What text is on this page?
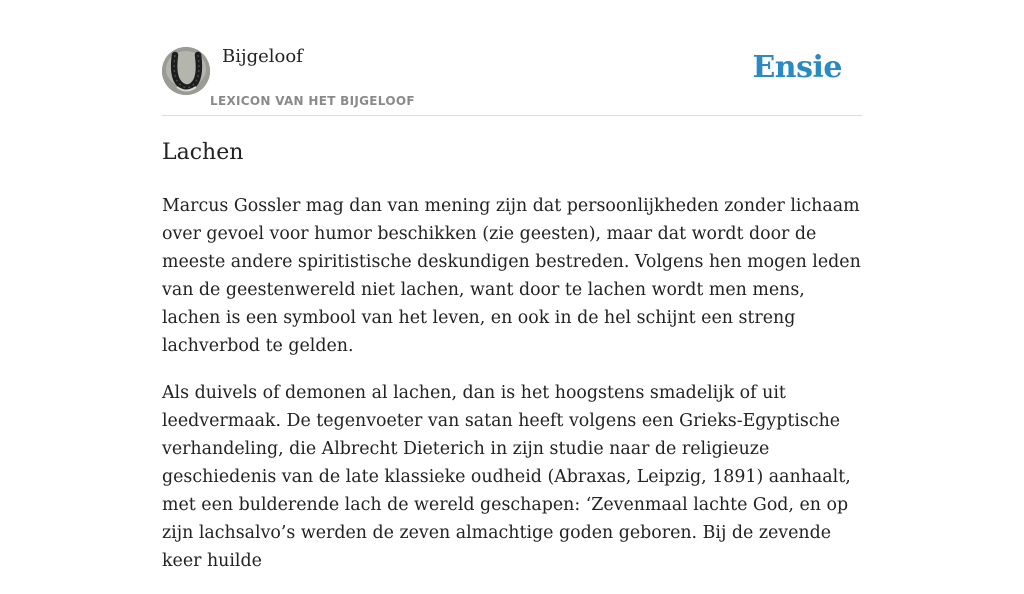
Bijgeloof
LEXICON VAN HET BIJGELOOF
Ensie
Lachen

Marcus Gossler mag dan van mening zijn dat persoonlijkheden zonder lichaam over gevoel voor humor beschikken (zie geesten), maar dat wordt door de meeste andere spiritistische deskundigen bestreden. Volgens hen mogen leden van de geestenwereld niet lachen, want door te lachen wordt men mens, lachen is een symbool van het leven, en ook in de hel schijnt een streng lachverbod te gelden.

Als duivels of demonen al lachen, dan is het hoogstens smadelijk of uit leedvermaak. De tegenvoeter van satan heeft volgens een Grieks-Egyptische verhandeling, die Albrecht Dieterich in zijn studie naar de religieuze geschiedenis van de late klassieke oudheid (Abraxas, Leipzig, 1891) aanhaalt, met een bulderende lach de wereld geschapen: ‘Zevenmaal lachte God, en op zijn lachsalvo’s werden de zeven almachtige goden geboren. Bij de zevende keer huilde
